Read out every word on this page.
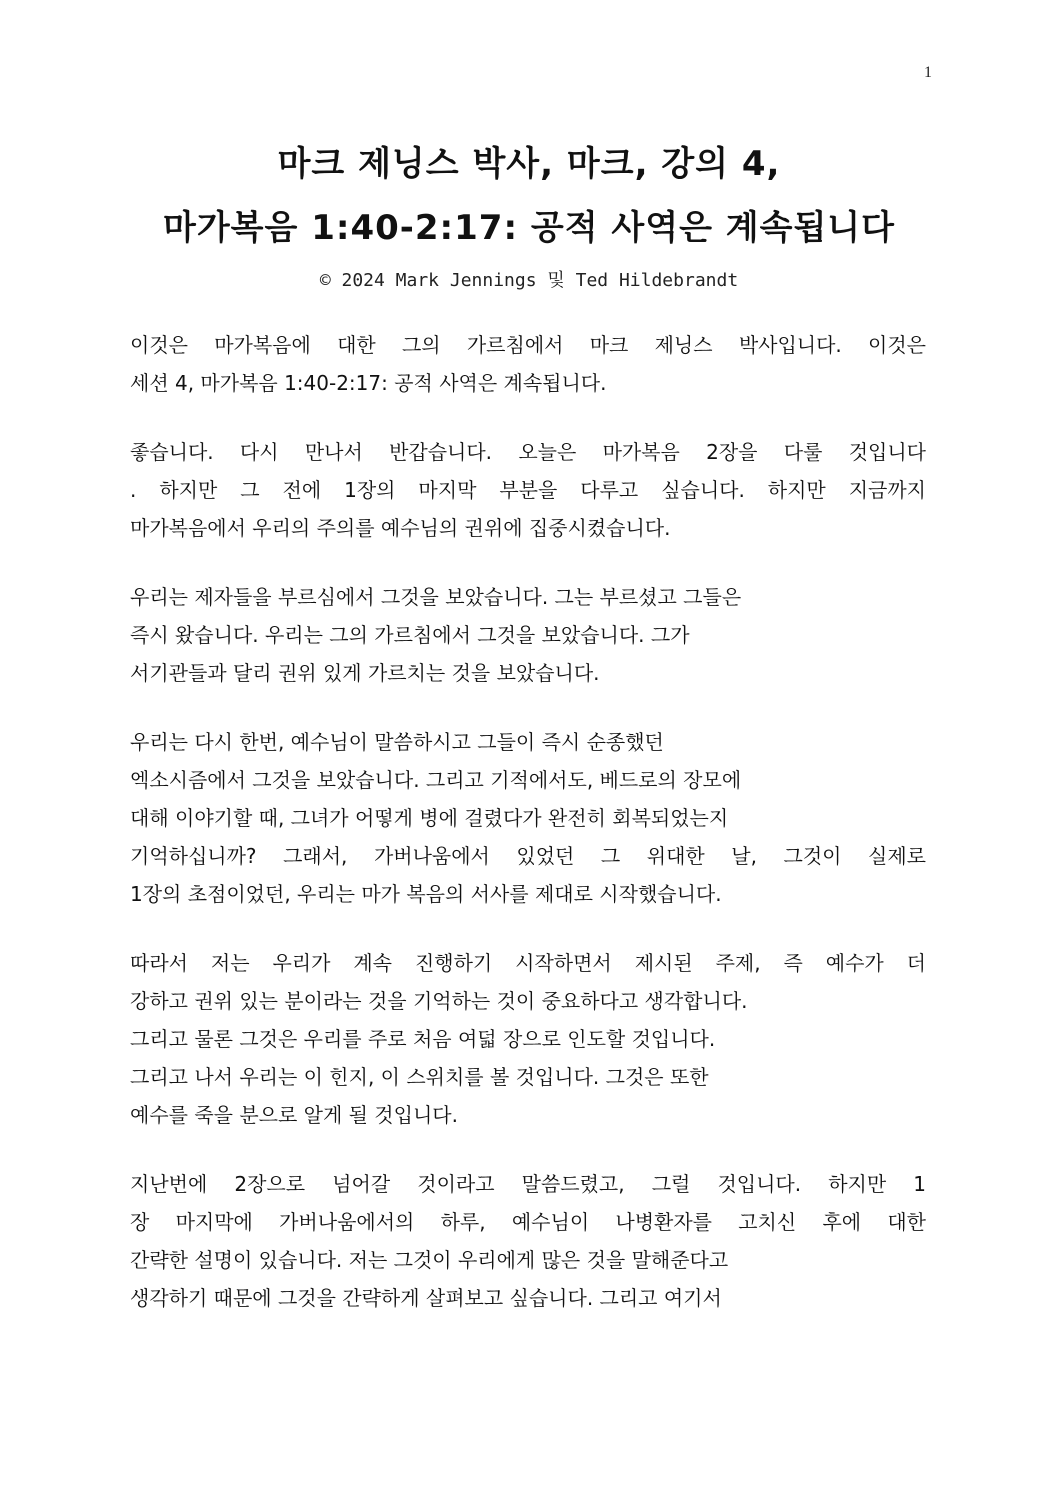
1
마크 제닝스 박사, 마크, 강의 4,
마가복음 1:40-2:17: 공적 사역은 계속됩니다
© 2024 Mark Jennings 및 Ted Hildebrandt

이것은 마가복음에 대한 그의 가르침에서 마크 제닝스 박사입니다. 이것은
세션 4, 마가복음 1:40-2:17: 공적 사역은 계속됩니다.

좋습니다. 다시 만나서 반갑습니다. 오늘은 마가복음 2장을 다룰 것입니다
. 하지만 그 전에 1장의 마지막 부분을 다루고 싶습니다. 하지만 지금까지
마가복음에서 우리의 주의를 예수님의 권위에 집중시켰습니다.

우리는 제자들을 부르심에서 그것을 보았습니다. 그는 부르셨고 그들은
즉시 왔습니다. 우리는 그의 가르침에서 그것을 보았습니다. 그가
서기관들과 달리 권위 있게 가르치는 것을 보았습니다.

우리는 다시 한번, 예수님이 말씀하시고 그들이 즉시 순종했던
엑소시즘에서 그것을 보았습니다. 그리고 기적에서도, 베드로의 장모에
대해 이야기할 때, 그녀가 어떻게 병에 걸렸다가 완전히 회복되었는지
기억하십니까? 그래서, 가버나움에서 있었던 그 위대한 날, 그것이 실제로
1장의 초점이었던, 우리는 마가 복음의 서사를 제대로 시작했습니다.

따라서 저는 우리가 계속 진행하기 시작하면서 제시된 주제, 즉 예수가 더
강하고 권위 있는 분이라는 것을 기억하는 것이 중요하다고 생각합니다.
그리고 물론 그것은 우리를 주로 처음 여덟 장으로 인도할 것입니다.
그리고 나서 우리는 이 힌지, 이 스위치를 볼 것입니다. 그것은 또한
예수를 죽을 분으로 알게 될 것입니다.

지난번에 2장으로 넘어갈 것이라고 말씀드렸고, 그럴 것입니다. 하지만 1
장 마지막에 가버나움에서의 하루, 예수님이 나병환자를 고치신 후에 대한
간략한 설명이 있습니다. 저는 그것이 우리에게 많은 것을 말해준다고
생각하기 때문에 그것을 간략하게 살펴보고 싶습니다. 그리고 여기서
